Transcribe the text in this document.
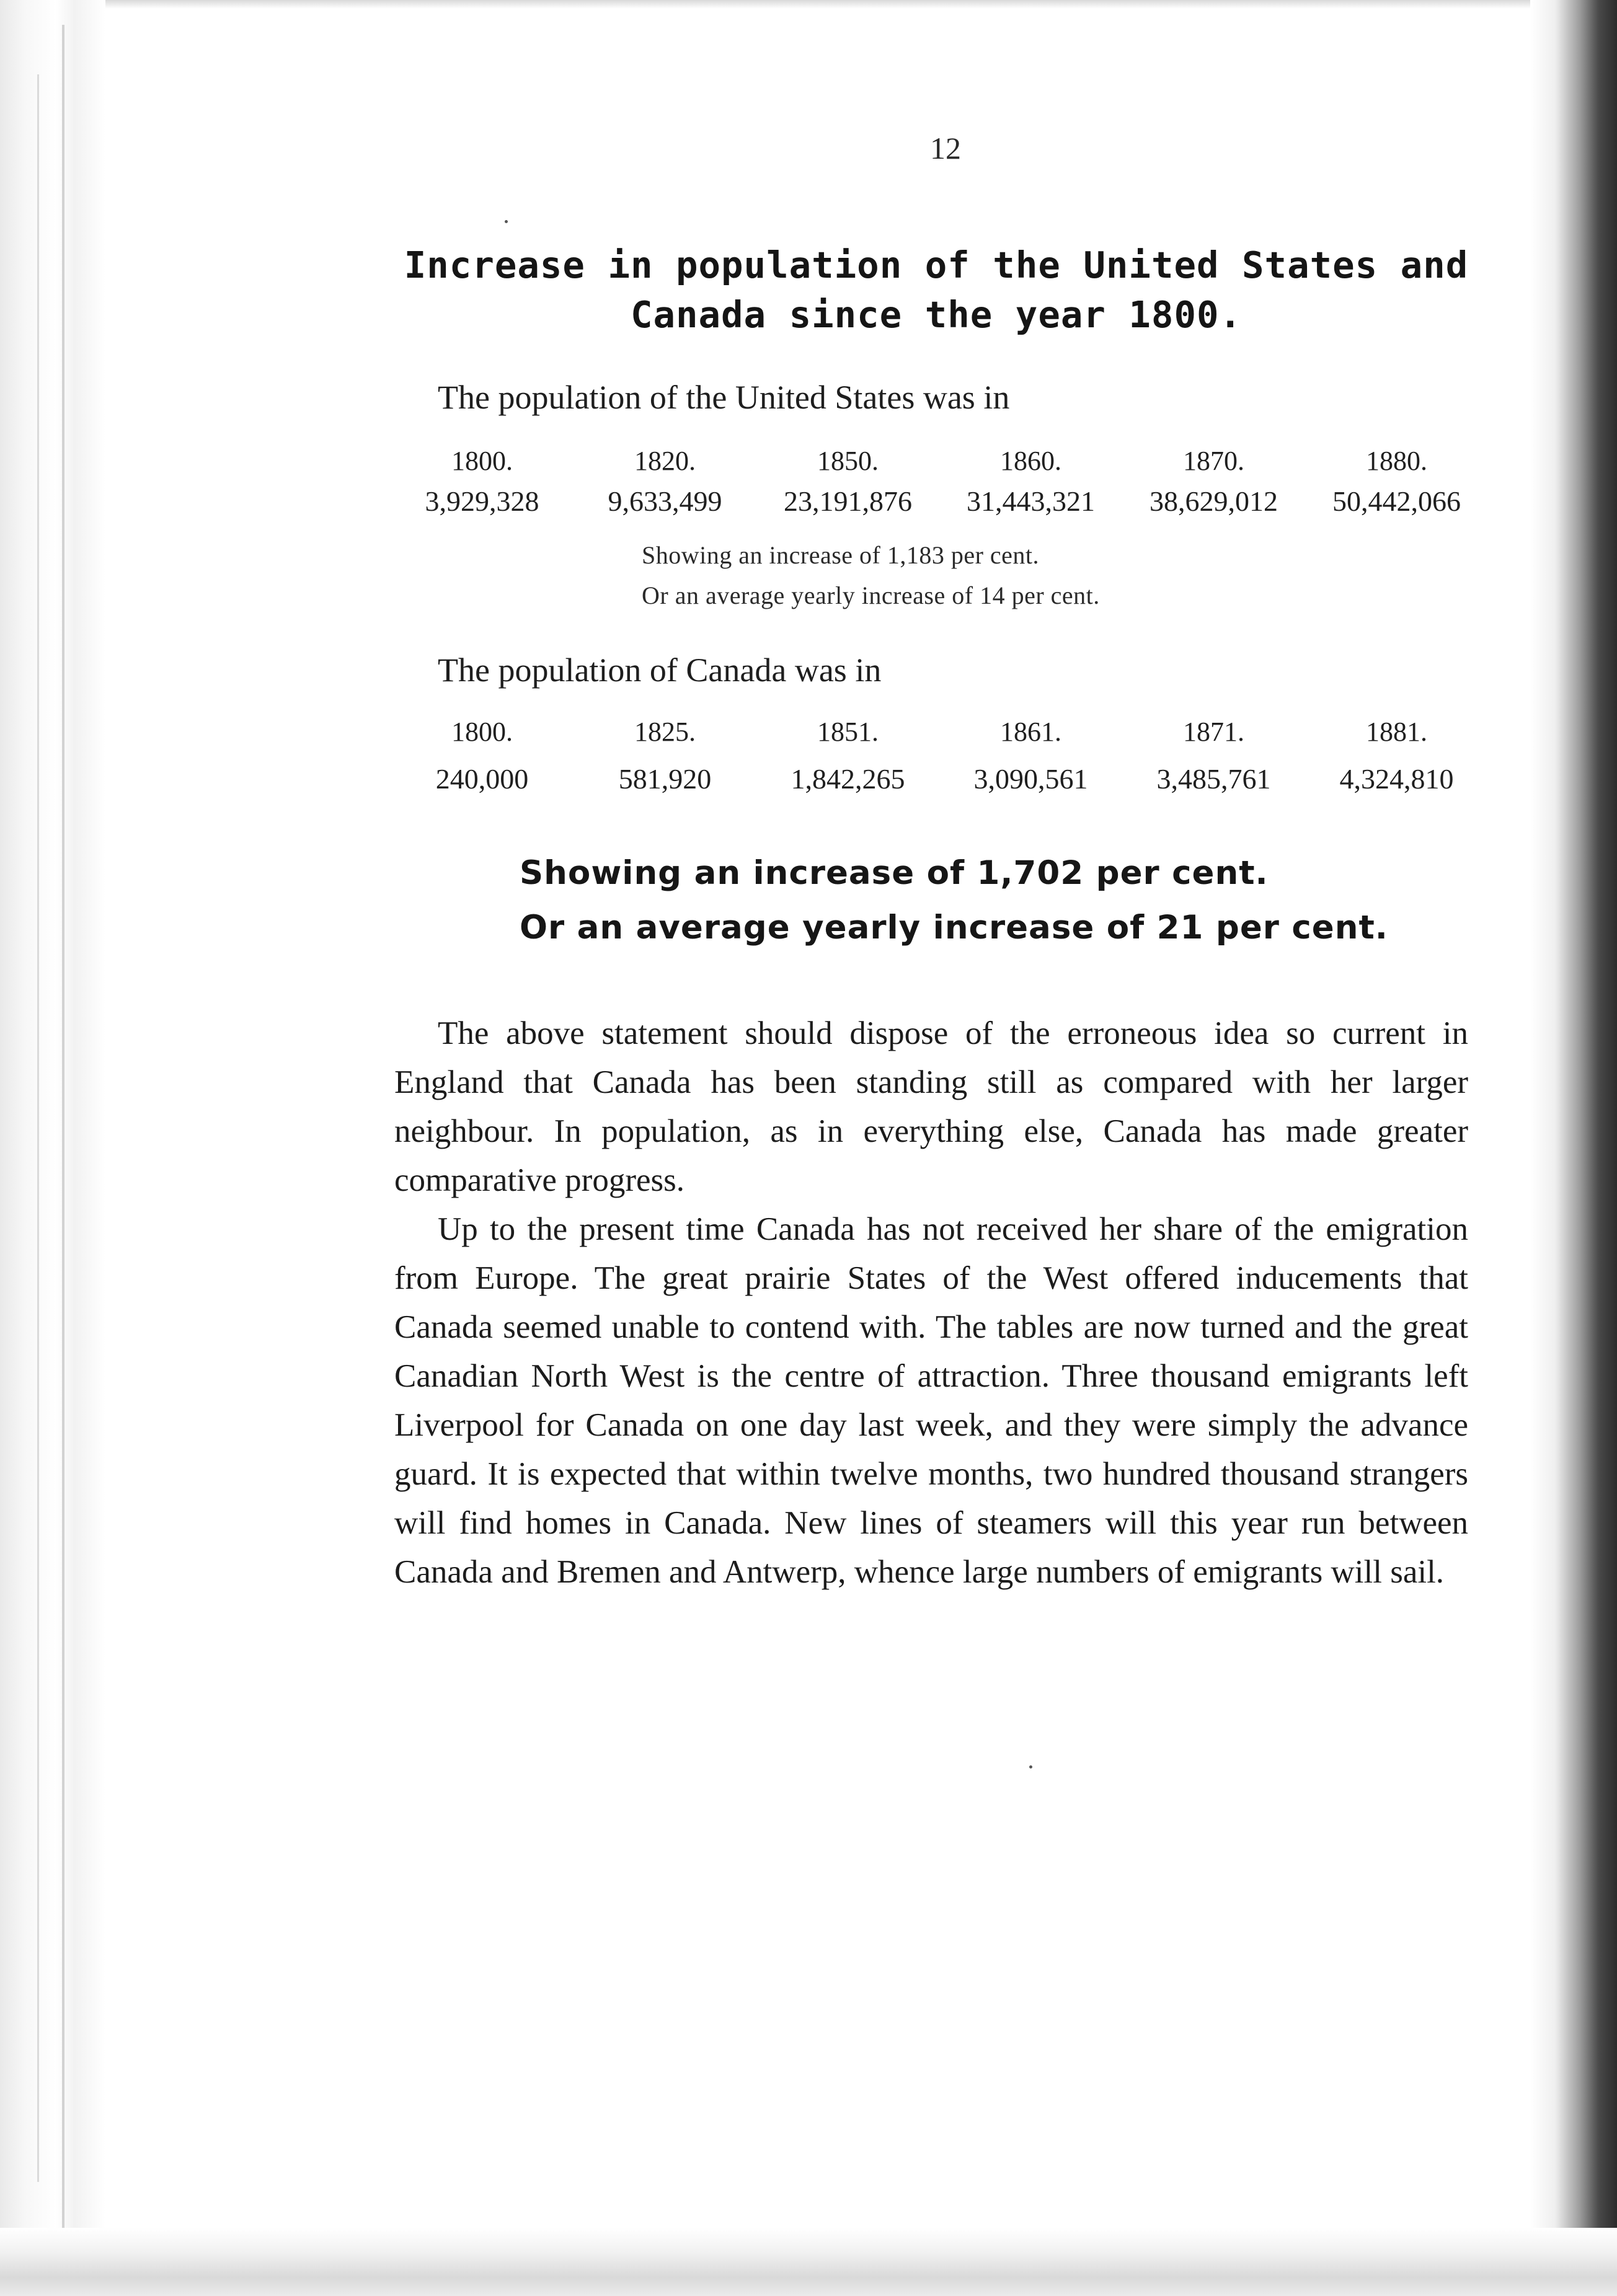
12
Increase in population of the United States and Canada since the year 1800.
The population of the United States was in
1800.	1820.	1850.	1860.	1870.	1880.
3,929,328	9,633,499	23,191,876	31,443,321	38,629,012	50,442,066
Showing an increase of 1,183 per cent.
Or an average yearly increase of 14 per cent.
The population of Canada was in
1800.	1825.	1851.	1861.	1871.	1881.
240,000	581,920	1,842,265	3,090,561	3,485,761	4,324,810
Showing an increase of 1,702 per cent.
Or an average yearly increase of 21 per cent.

The above statement should dispose of the erroneous idea so current in England that Canada has been standing still as compared with her larger neighbour. In population, as in everything else, Canada has made greater comparative progress.

Up to the present time Canada has not received her share of the emigration from Europe. The great prairie States of the West offered inducements that Canada seemed unable to contend with. The tables are now turned and the great Canadian North West is the centre of attraction. Three thousand emigrants left Liverpool for Canada on one day last week, and they were simply the advance guard. It is expected that within twelve months, two hundred thousand strangers will find homes in Canada. New lines of steamers will this year run between Canada and Bremen and Antwerp, whence large numbers of emigrants will sail.
